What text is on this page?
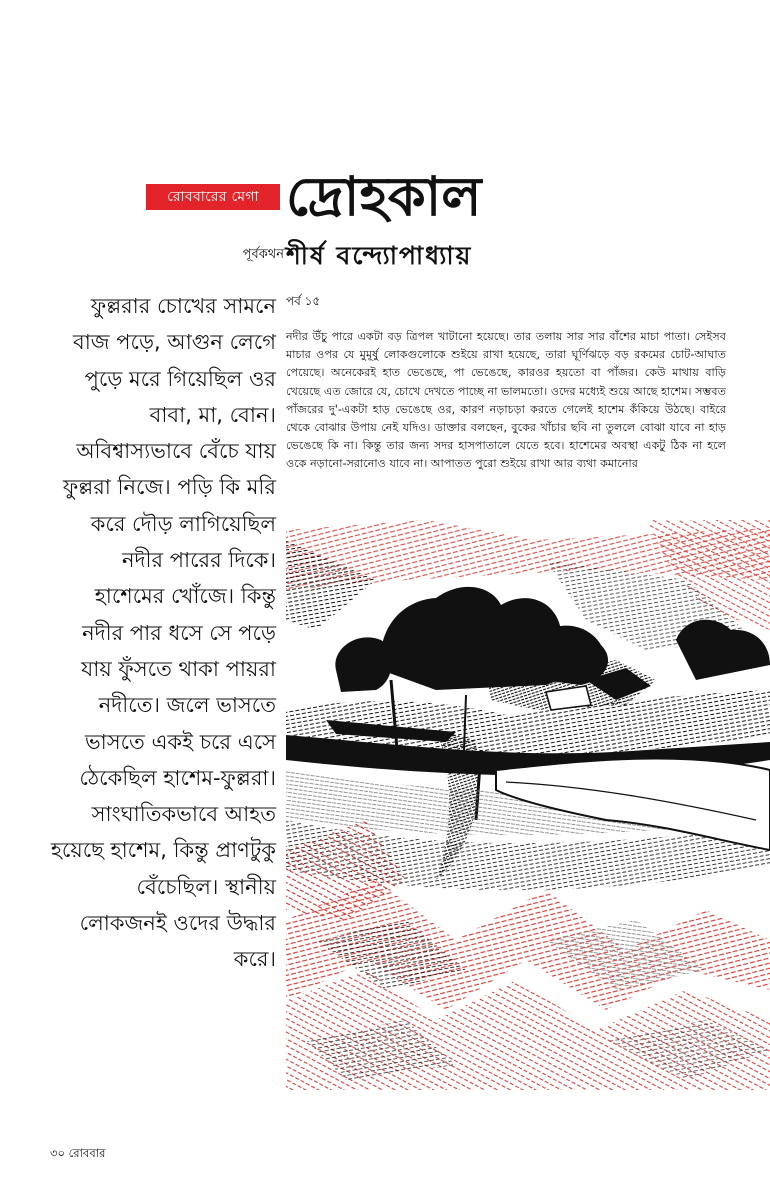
রোববারের মেগা দ্রোহকাল
পূর্বকথন শীর্ষ বন্দ্যোপাধ্যায়
ফুল্লরার চোখের সামনে বাজ পড়ে, আগুন লেগে পুড়ে মরে গিয়েছিল ওর বাবা, মা, বোন। অবিশ্বাস্যভাবে বেঁচে যায় ফুল্লরা নিজে। পড়ি কি মরি করে দৌড় লাগিয়েছিল নদীর পারের দিকে। হাশেমের খোঁজে। কিন্তু নদীর পার ধসে সে পড়ে যায় ফুঁসতে থাকা পায়রা নদীতে। জলে ভাসতে ভাসতে একই চরে এসে ঠেকেছিল হাশেম-ফুল্লরা। সাংঘাতিকভাবে আহত হয়েছে হাশেম, কিন্তু প্রাণটুকু বেঁচেছিল। স্থানীয় লোকজনই ওদের উদ্ধার করে।
পর্ব ১৫

নদীর উঁচু পারে একটা বড় ত্রিপল খাটানো হয়েছে। তার তলায় সার সার বাঁশের মাচা পাতা। সেইসব মাচার ওপর যে মুমূর্ষু লোকগুলোকে শুইয়ে রাখা হয়েছে, তারা ঘূর্ণিঝড়ে বড় রকমের চোট-আঘাত পেয়েছে। অনেকেরই হাত ভেঙেছে, পা ভেঙেছে, কারও‌র হয়তো বা পাঁজর। কেউ মাথায় বাড়ি খেয়েছে এত জোরে যে, চোখে দেখতে পাচ্ছে না ভালমতো। ওদের মধ্যেই শুয়ে আছে হাশেম। সম্ভবত পাঁজরের দু'-একটা হাড় ভেঙেছে ওর, কারণ নড়াচড়া করতে গেলেই হাশেম কঁকিয়ে উঠছে। বাইরে থেকে বোঝার উপায় নেই যদিও। ডাক্তার বলছেন, বুকের খাঁচার ছবি না তুললে বোঝা যাবে না হাড় ভেঙেছে কি না। কিন্তু তার জন্য সদর হাসপাতালে যেতে হবে। হাশেমের অবস্থা একটু ঠিক না হলে ওকে নড়ানো-সরানোও যাবে না। আপাতত পুরো শুইয়ে রাখা আর ব্যথা কমানোর

৩০ রোববার
